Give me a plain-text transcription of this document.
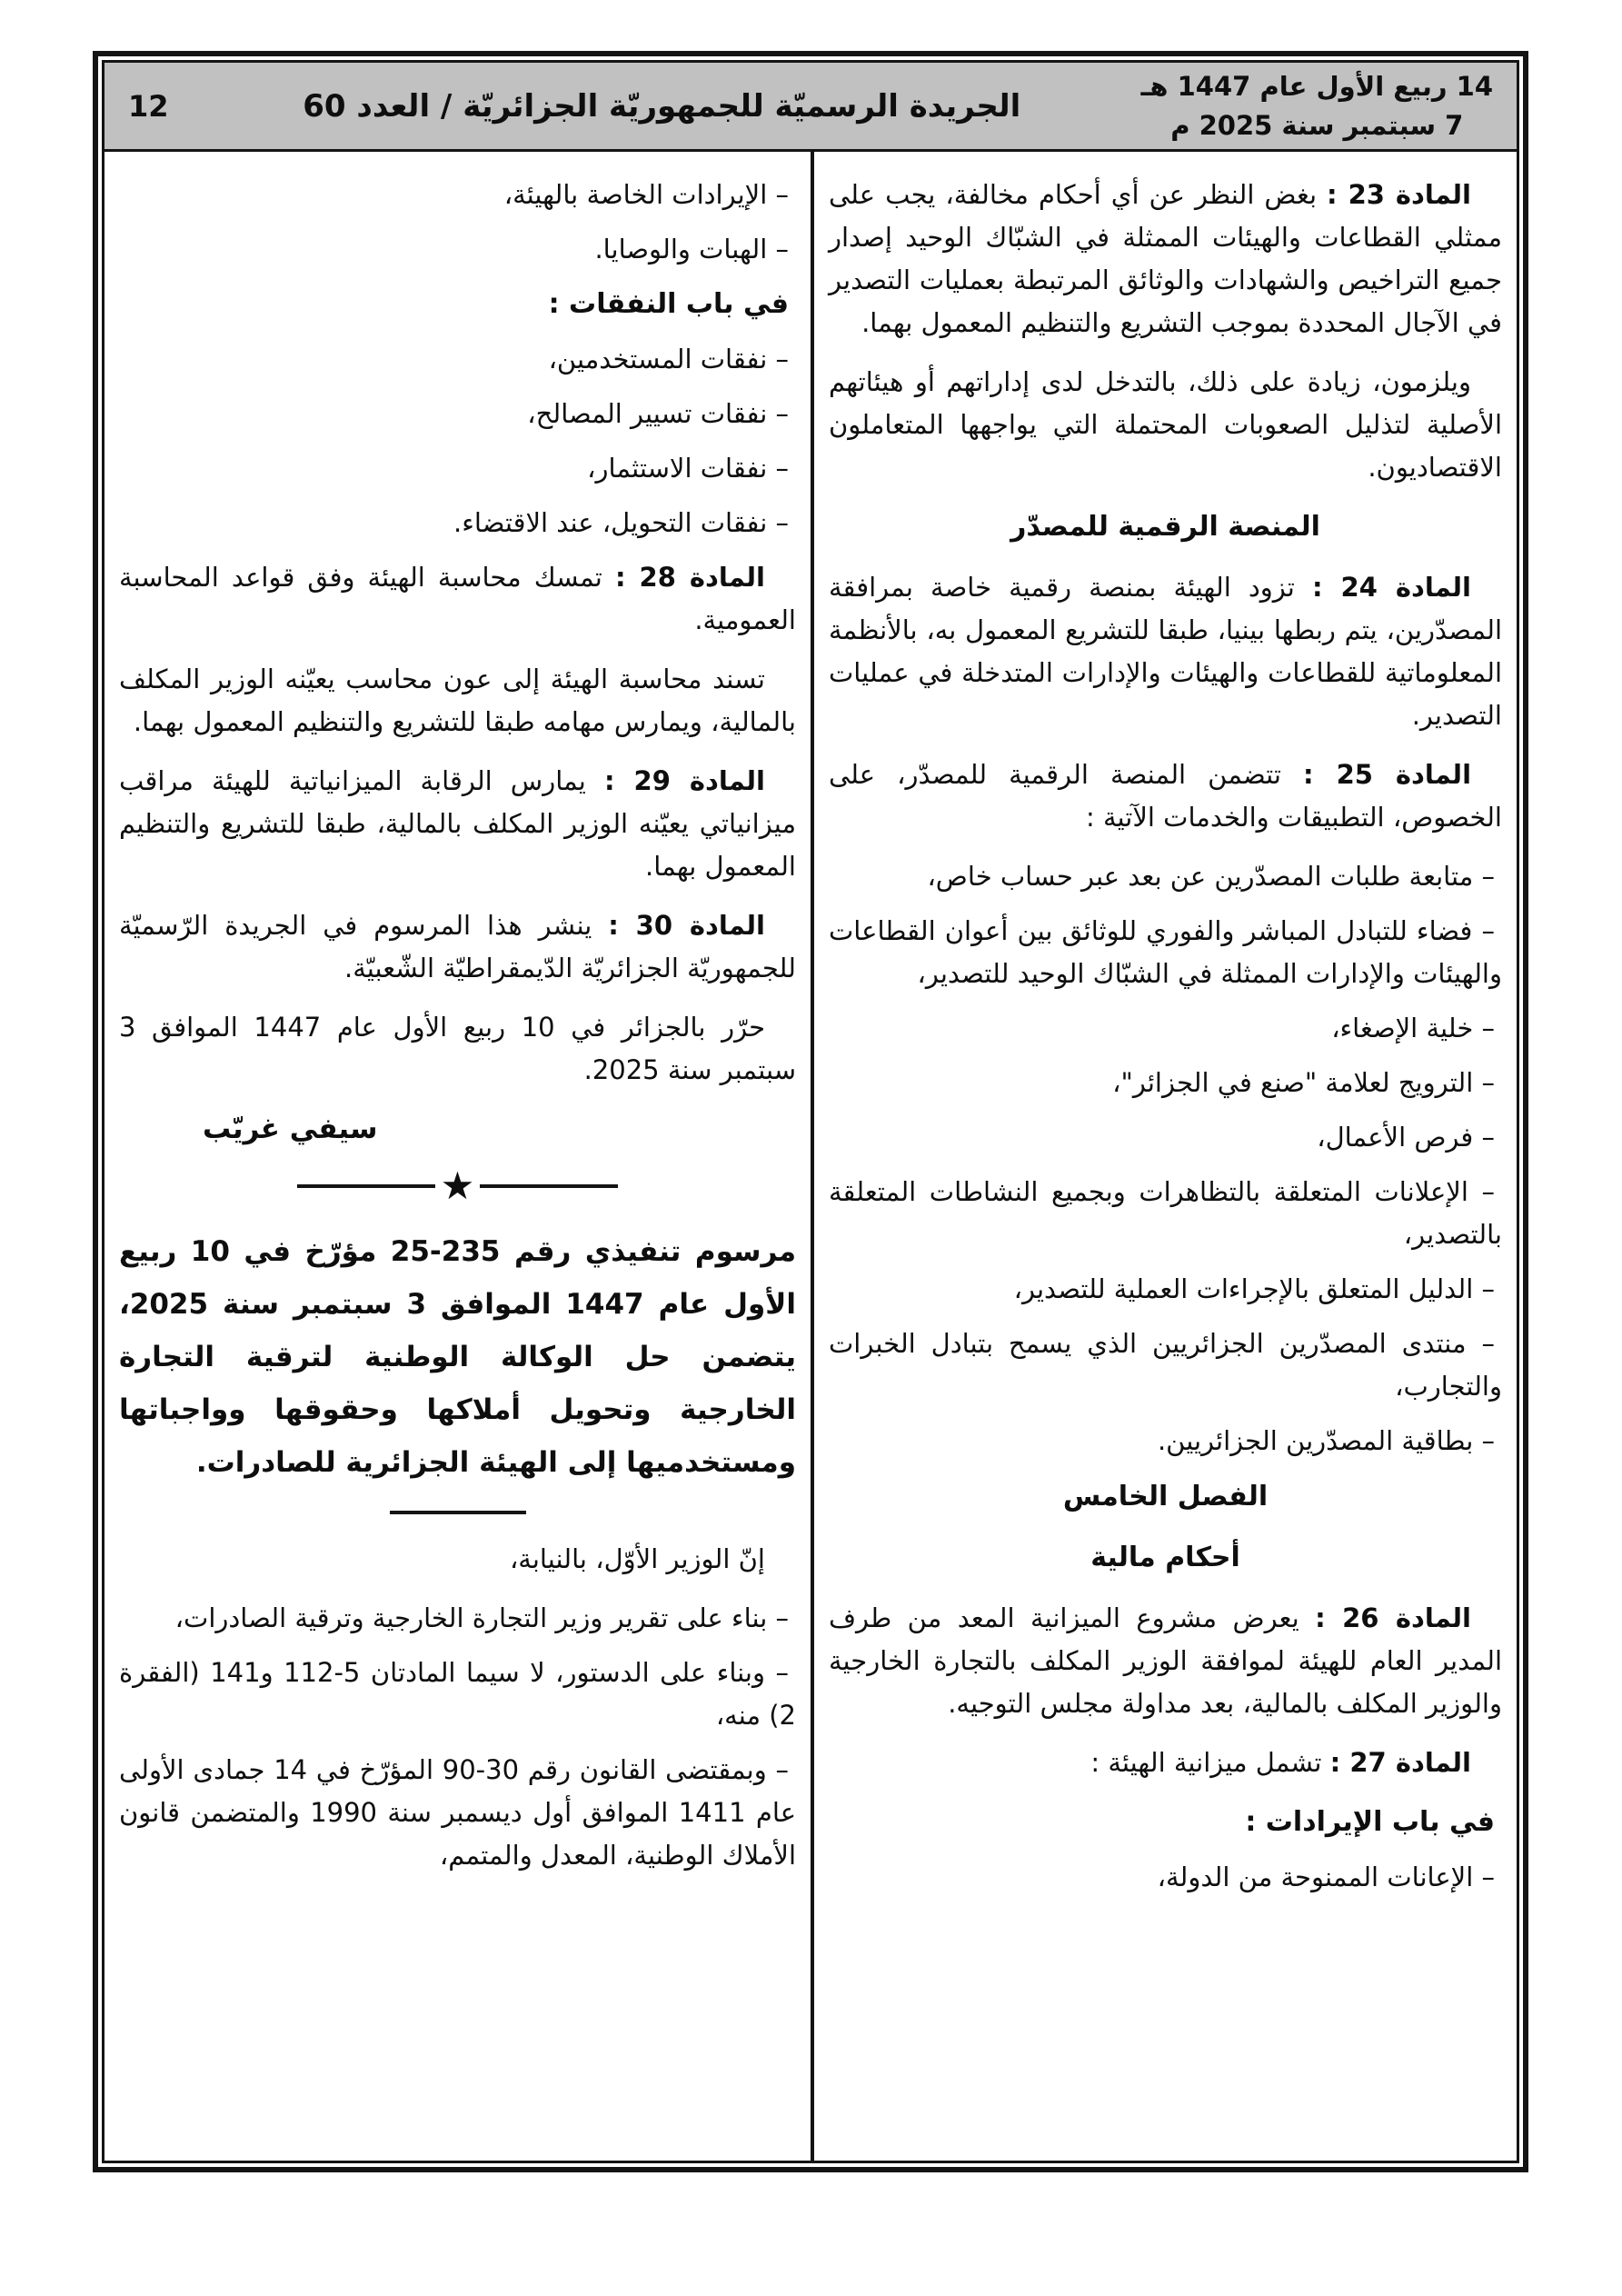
14 ربيع الأول عام 1447 هـ
7 سبتمبر سنة 2025 م
الجريدة الرسميّة للجمهوريّة الجزائريّة / العدد 60
12

المادة 23 : بغض النظر عن أي أحكام مخالفة، يجب على ممثلي القطاعات والهيئات الممثلة في الشبّاك الوحيد إصدار جميع التراخيص والشهادات والوثائق المرتبطة بعمليات التصدير في الآجال المحددة بموجب التشريع والتنظيم المعمول بهما.

ويلزمون، زيادة على ذلك، بالتدخل لدى إداراتهم أو هيئاتهم الأصلية لتذليل الصعوبات المحتملة التي يواجهها المتعاملون الاقتصاديون.

المنصة الرقمية للمصدّر

المادة 24 : تزود الهيئة بمنصة رقمية خاصة بمرافقة المصدّرين، يتم ربطها بينيا، طبقا للتشريع المعمول به، بالأنظمة المعلوماتية للقطاعات والهيئات والإدارات المتدخلة في عمليات التصدير.

المادة 25 : تتضمن المنصة الرقمية للمصدّر، على الخصوص، التطبيقات والخدمات الآتية :

– متابعة طلبات المصدّرين عن بعد عبر حساب خاص،

– فضاء للتبادل المباشر والفوري للوثائق بين أعوان القطاعات والهيئات والإدارات الممثلة في الشبّاك الوحيد للتصدير،

– خلية الإصغاء،

– الترويج لعلامة "صنع في الجزائر"،

– فرص الأعمال،

– الإعلانات المتعلقة بالتظاهرات وبجميع النشاطات المتعلقة بالتصدير،

– الدليل المتعلق بالإجراءات العملية للتصدير،

– منتدى المصدّرين الجزائريين الذي يسمح بتبادل الخبرات والتجارب،

– بطاقية المصدّرين الجزائريين.

الفصل الخامس

أحكام مالية

المادة 26 : يعرض مشروع الميزانية المعد من طرف المدير العام للهيئة لموافقة الوزير المكلف بالتجارة الخارجية والوزير المكلف بالمالية، بعد مداولة مجلس التوجيه.

المادة 27 : تشمل ميزانية الهيئة :

في باب الإيرادات :

– الإعانات الممنوحة من الدولة،

– الإيرادات الخاصة بالهيئة،

– الهبات والوصايا.

في باب النفقات :

– نفقات المستخدمين،

– نفقات تسيير المصالح،

– نفقات الاستثمار،

– نفقات التحويل، عند الاقتضاء.

المادة 28 : تمسك محاسبة الهيئة وفق قواعد المحاسبة العمومية.

تسند محاسبة الهيئة إلى عون محاسب يعيّنه الوزير المكلف بالمالية، ويمارس مهامه طبقا للتشريع والتنظيم المعمول بهما.

المادة 29 : يمارس الرقابة الميزانياتية للهيئة مراقب ميزانياتي يعيّنه الوزير المكلف بالمالية، طبقا للتشريع والتنظيم المعمول بهما.

المادة 30 : ينشر هذا المرسوم في الجريدة الرّسميّة للجمهوريّة الجزائريّة الدّيمقراطيّة الشّعبيّة.

حرّر بالجزائر في 10 ربيع الأول عام 1447 الموافق 3 سبتمبر سنة 2025.

سيفي غريّب

★

مرسوم تنفيذي رقم 235-25 مؤرّخ في 10 ربيع الأول عام 1447 الموافق 3 سبتمبر سنة 2025، يتضمن حل الوكالة الوطنية لترقية التجارة الخارجية وتحويل أملاكها وحقوقها وواجباتها ومستخدميها إلى الهيئة الجزائرية للصادرات.

إنّ الوزير الأوّل، بالنيابة،

– بناء على تقرير وزير التجارة الخارجية وترقية الصادرات،

– وبناء على الدستور، لا سيما المادتان 5-112 و141 (الفقرة 2) منه،

– وبمقتضى القانون رقم 30-90 المؤرّخ في 14 جمادى الأولى عام 1411 الموافق أول ديسمبر سنة 1990 والمتضمن قانون الأملاك الوطنية، المعدل والمتمم،
